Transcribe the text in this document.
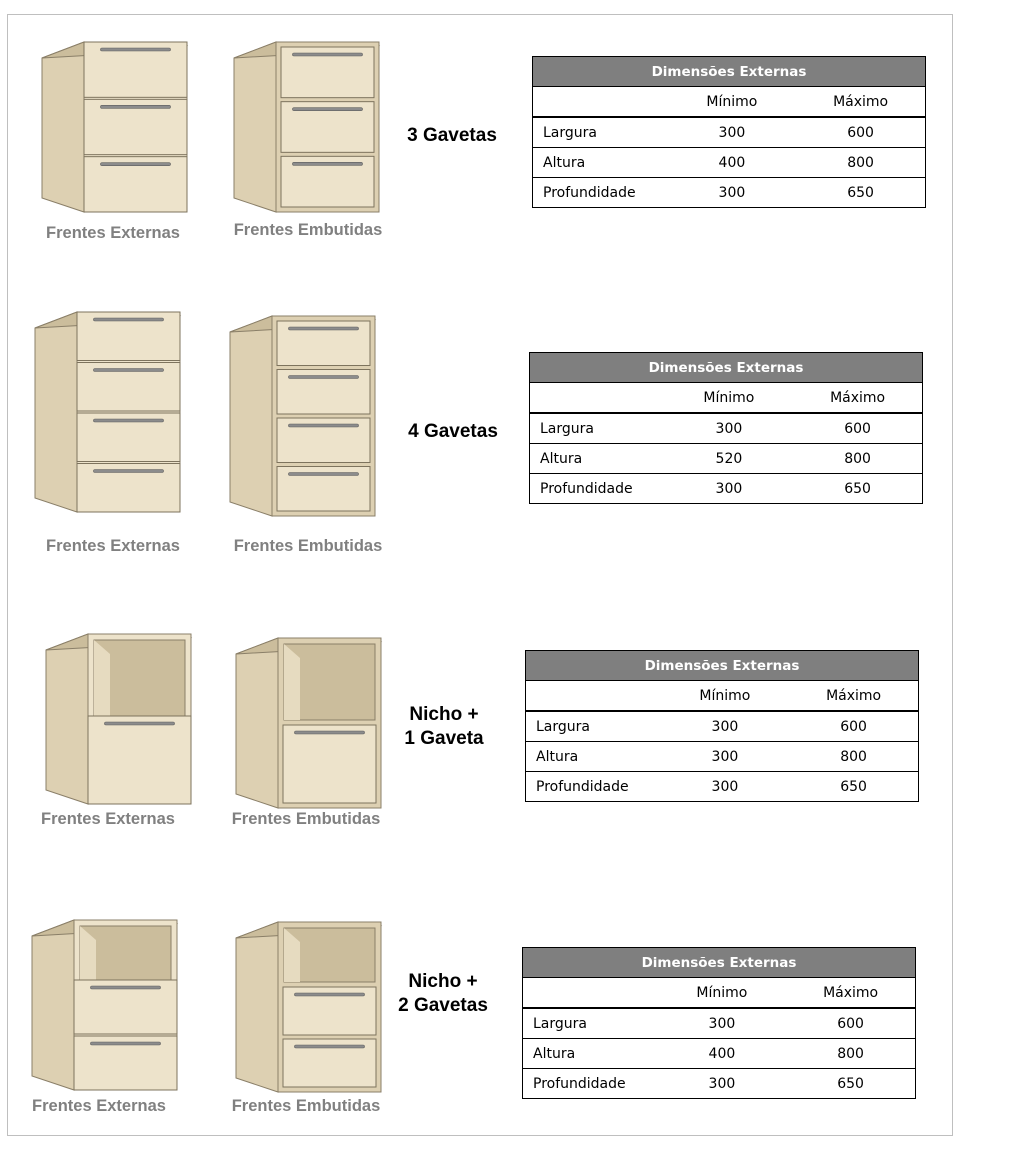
Frentes Externas	Frentes Embutidas
3 Gavetas
Dimensões Externas		
	Mínimo	Máximo
Largura	300	600
Altura	400	800
Profundidade	300	650
Frentes Externas	Frentes Embutidas
4 Gavetas
Dimensões Externas		
	Mínimo	Máximo
Largura	300	600
Altura	520	800
Profundidade	300	650
Frentes Externas	Frentes Embutidas
Nicho +
1 Gaveta
Dimensões Externas		
	Mínimo	Máximo
Largura	300	600
Altura	300	800
Profundidade	300	650
Frentes Externas	Frentes Embutidas
Nicho +
2 Gavetas
Dimensões Externas		
	Mínimo	Máximo
Largura	300	600
Altura	400	800
Profundidade	300	650
